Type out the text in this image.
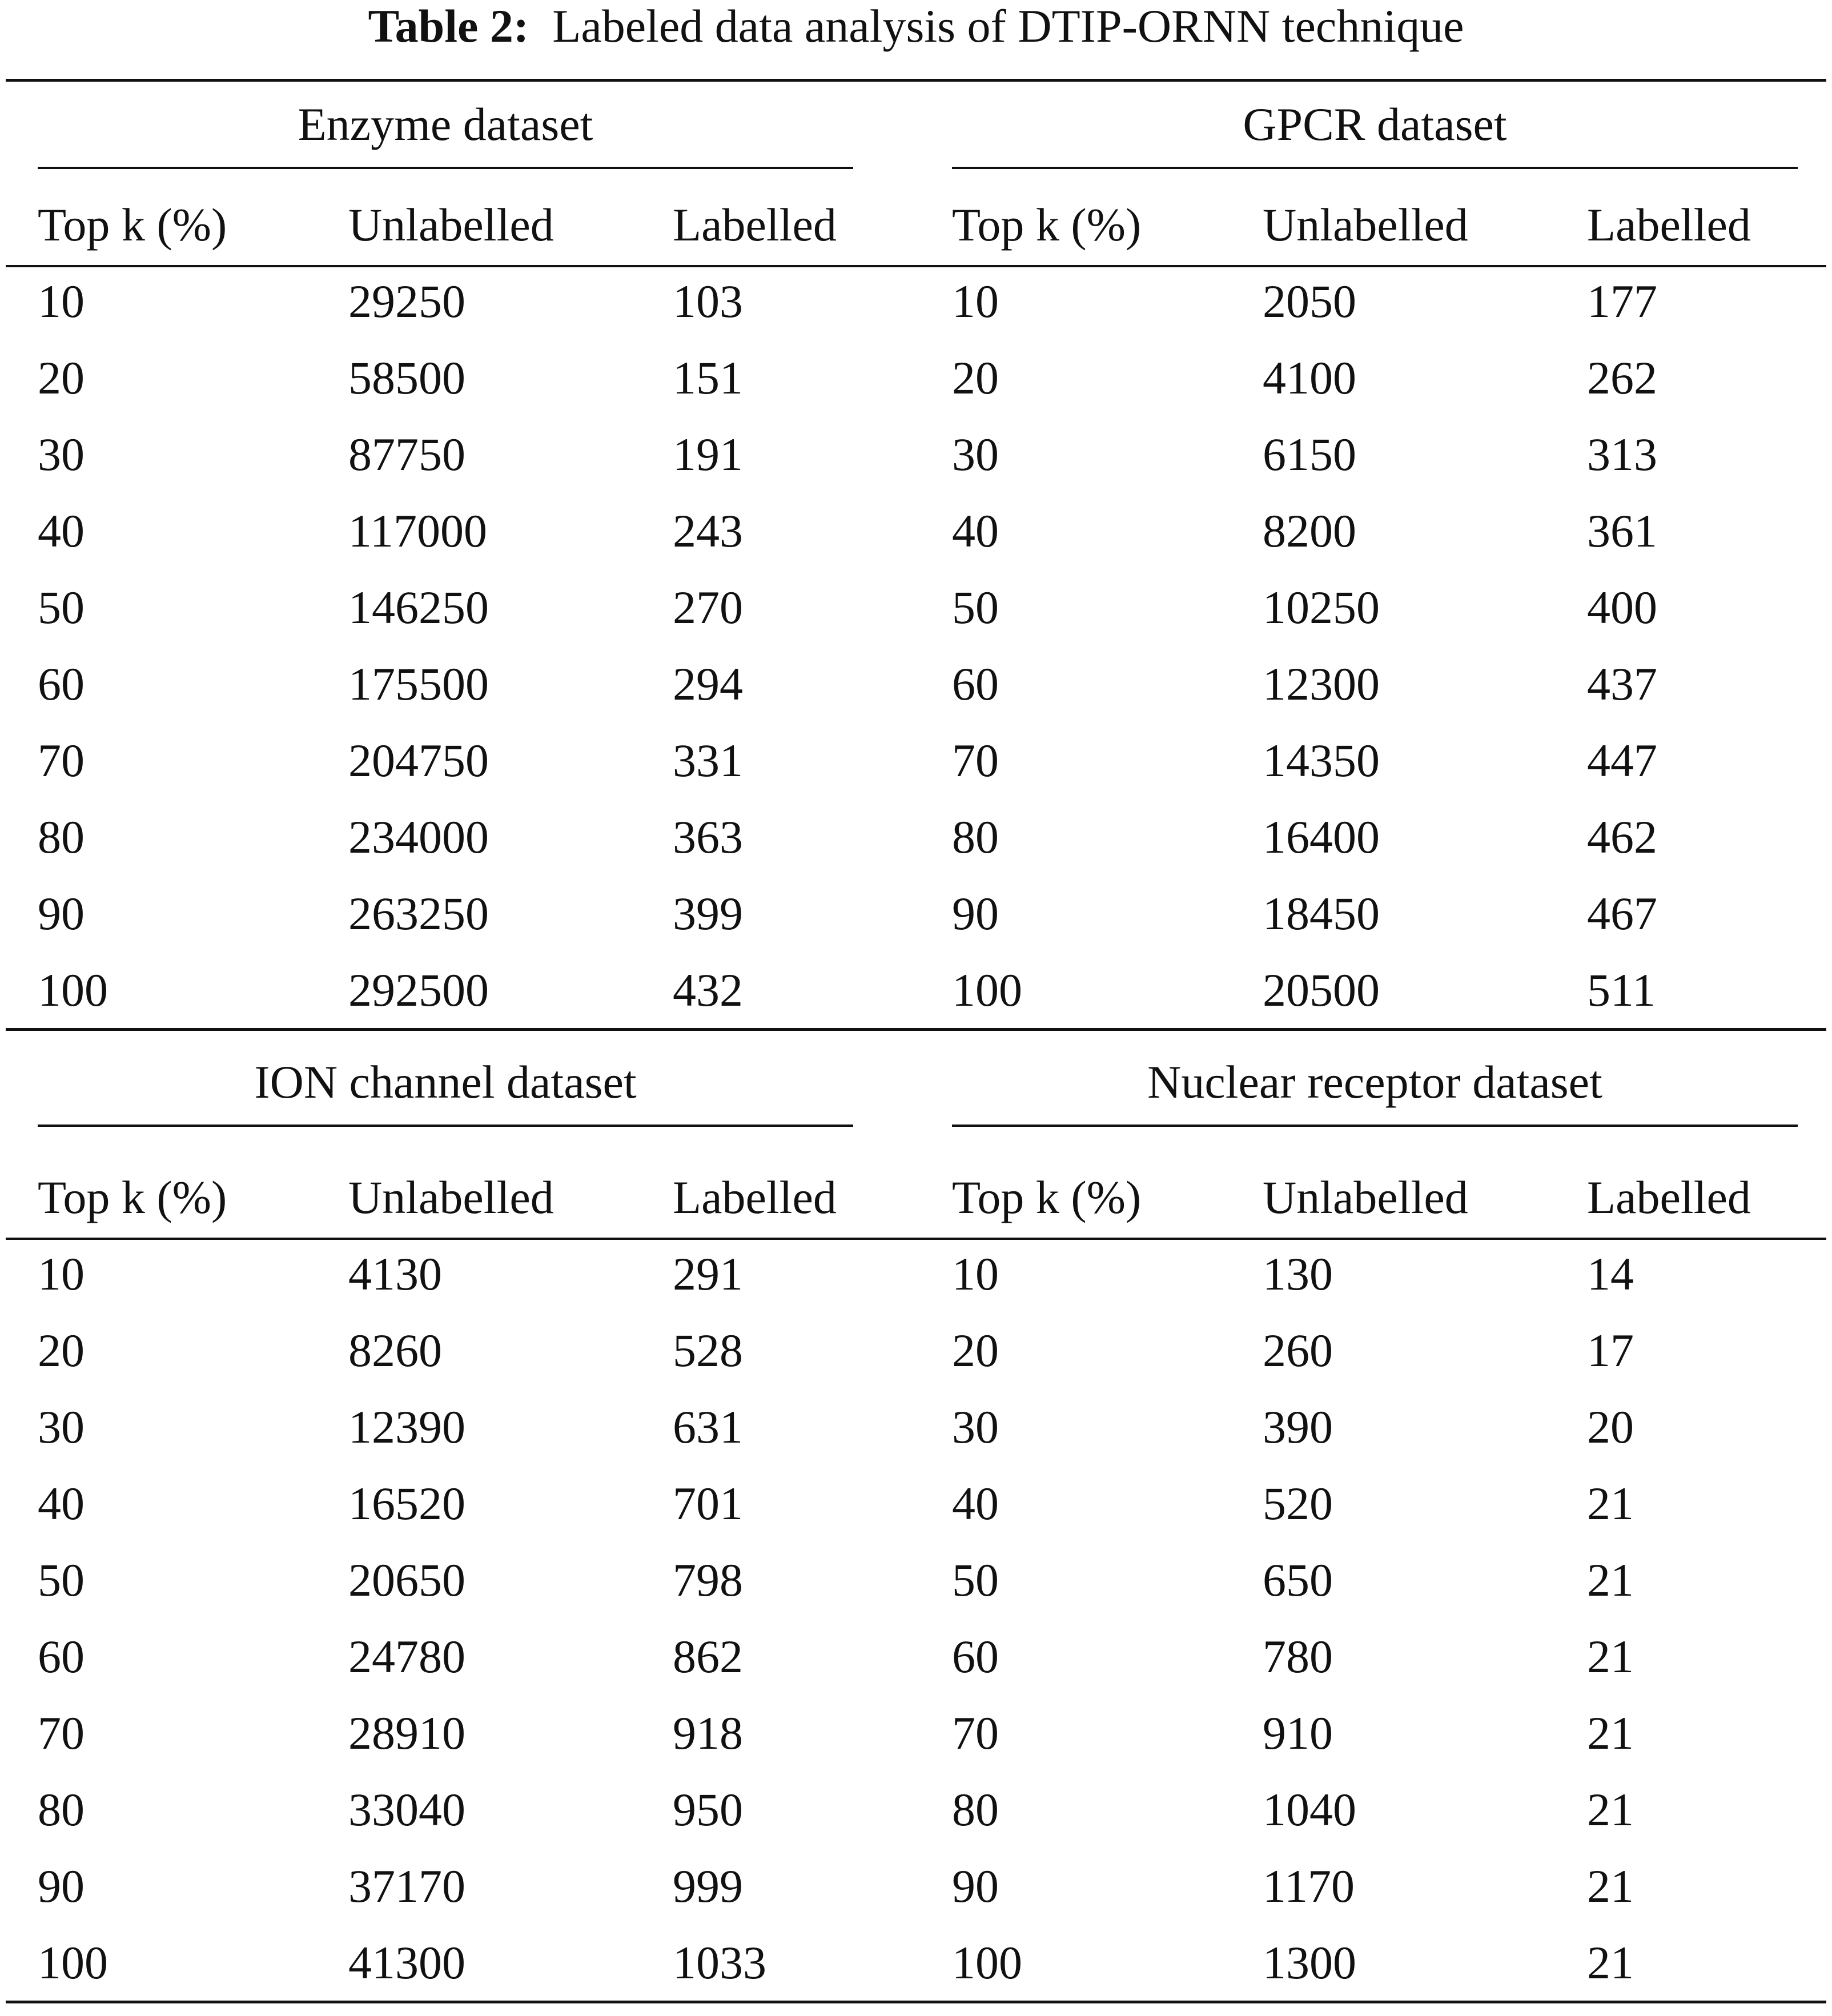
Table 2: Labeled data analysis of DTIP-ORNN technique
Enzyme dataset
Top k (%)	Unlabelled	Labelled
10	29250	103
20	58500	151
30	87750	191
40	117000	243
50	146250	270
60	175500	294
70	204750	331
80	234000	363
90	263250	399
100	292500	432
GPCR dataset
Top k (%)	Unlabelled	Labelled
10	2050	177
20	4100	262
30	6150	313
40	8200	361
50	10250	400
60	12300	437
70	14350	447
80	16400	462
90	18450	467
100	20500	511
ION channel dataset
Top k (%)	Unlabelled	Labelled
10	4130	291
20	8260	528
30	12390	631
40	16520	701
50	20650	798
60	24780	862
70	28910	918
80	33040	950
90	37170	999
100	41300	1033
Nuclear receptor dataset
Top k (%)	Unlabelled	Labelled
10	130	14
20	260	17
30	390	20
40	520	21
50	650	21
60	780	21
70	910	21
80	1040	21
90	1170	21
100	1300	21
